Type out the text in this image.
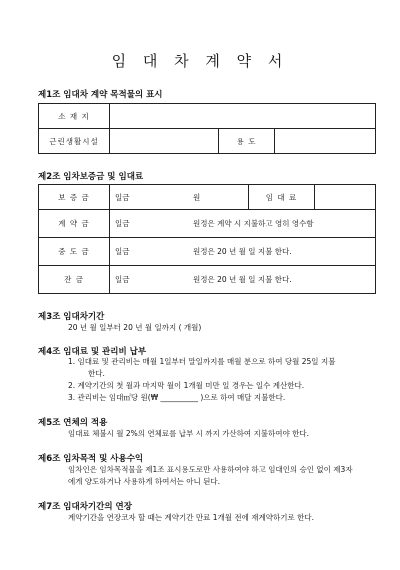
임 대 차 계 약 서
제1조 임대차 계약 목적물의 표시
소 재 지			
근린생활시설		용 도	
제2조 임차보증금 및 임대료
보 증 금	일금	원	임 대 료	
계 약 금	일금	원정은 계약 시 지불하고 영히 영수함		
중 도 금	일금	원정은 20 년 월 일 지불 한다.		
잔 금	일금	원정은 20 년 월 일 지불 한다.		
제3조 임대차기간
20 년 월 일부터 20 년 월 일까지 ( 개월)
제4조 임대료 및 관리비 납부
1. 임대료 및 관리비는 매월 1일부터 말일까지를 매월 분으로 하여 당월 25일 지불
한다.
2. 계약기간의 첫 월과 마지막 월이 1개월 미만 일 경우는 일수 계산한다.
3. 관리비는 임대㎡당 원(₩ __________ )으로 하여 매달 지불한다.
제5조 연체의 적용
임대료 체불시 월 2%의 연체료를 납부 시 까지 가산하여 지불하여야 한다.
제6조 임차목적 및 사용수익
임차인은 임차목적물을 제1조 표시용도로만 사용하여야 하고 임대인의 승인 없이 제3자
에게 양도하거나 사용하게 하여서는 아니 된다.
제7조 임대차기간의 연장
계약기간을 연장코자 할 때는 계약기간 만료 1개월 전에 재계약하기로 한다.
